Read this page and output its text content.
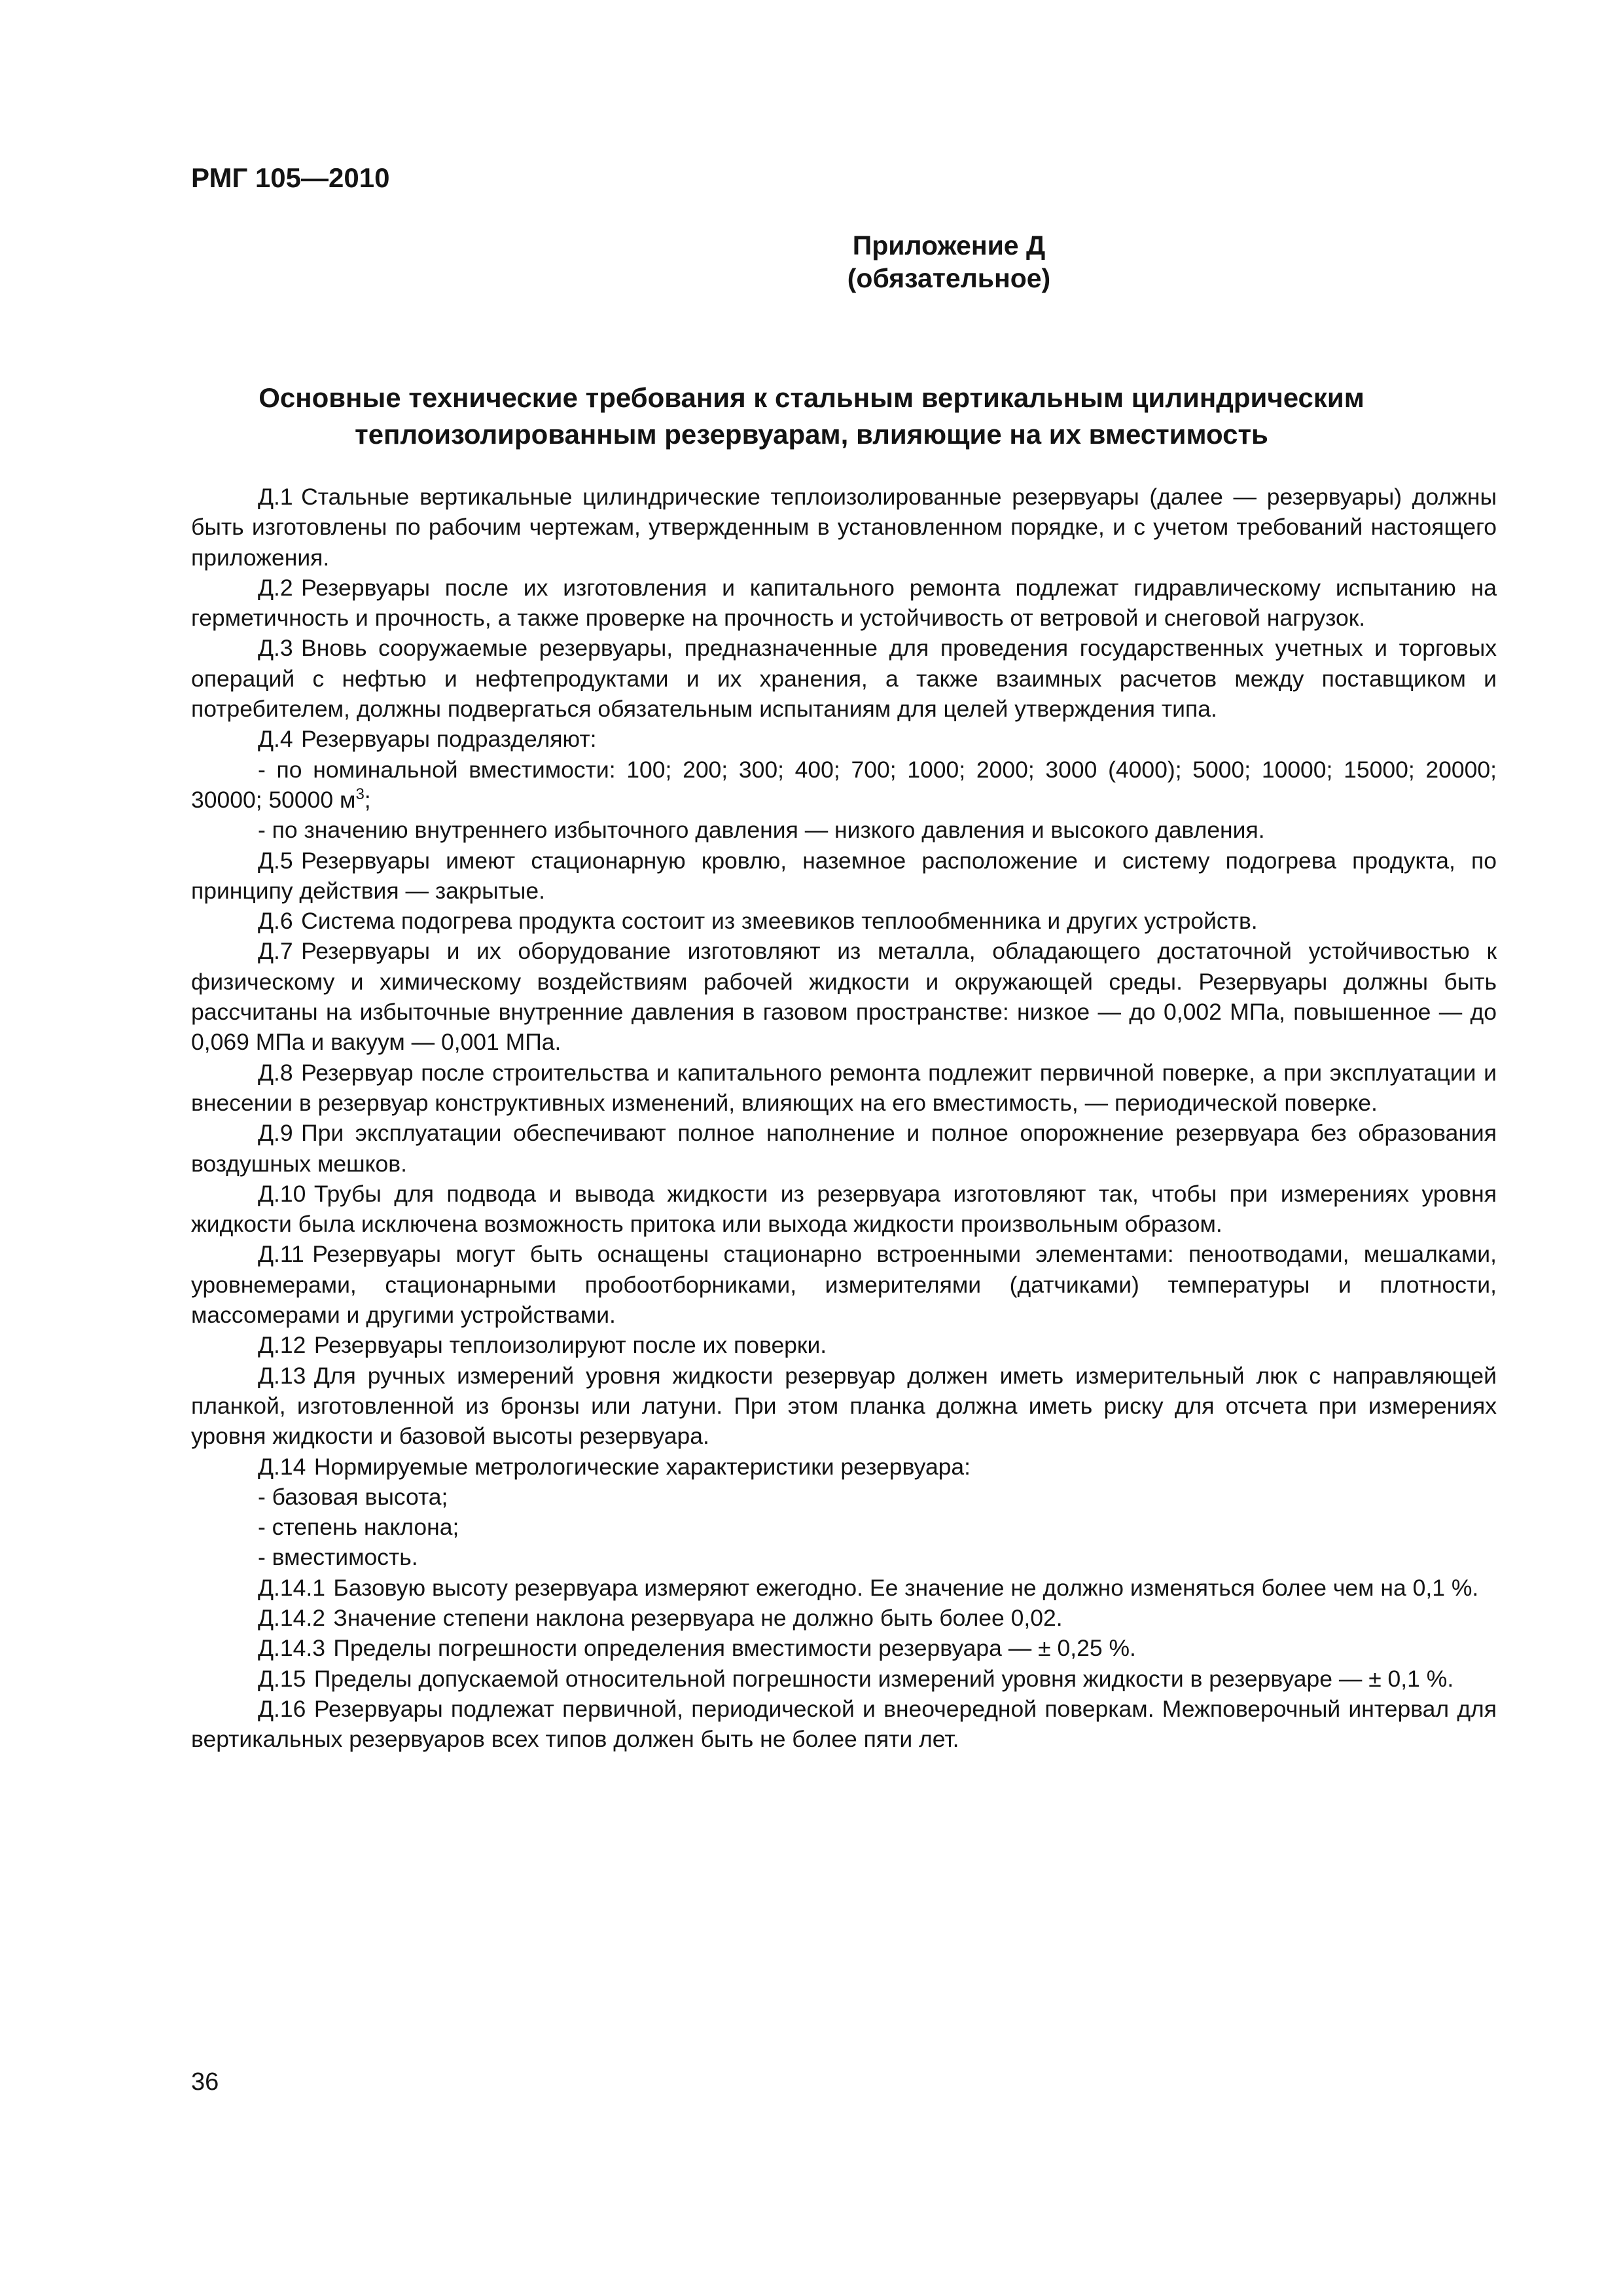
РМГ 105—2010
Приложение Д
(обязательное)
Основные технические требования к стальным вертикальным цилиндрическим
теплоизолированным резервуарам, влияющие на их вместимость

Д.1 Стальные вертикальные цилиндрические теплоизолированные резервуары (далее — резервуары) должны быть изготовлены по рабочим чертежам, утвержденным в установленном порядке, и с учетом требований настоящего приложения.

Д.2 Резервуары после их изготовления и капитального ремонта подлежат гидравлическому испытанию на герметичность и прочность, а также проверке на прочность и устойчивость от ветровой и снеговой нагрузок.

Д.3 Вновь сооружаемые резервуары, предназначенные для проведения государственных учетных и торговых операций с нефтью и нефтепродуктами и их хранения, а также взаимных расчетов между поставщиком и потребителем, должны подвергаться обязательным испытаниям для целей утверждения типа.

Д.4 Резервуары подразделяют:

- по номинальной вместимости: 100; 200; 300; 400; 700; 1000; 2000; 3000 (4000); 5000; 10000; 15000; 20000; 30000; 50000 $м^3$;

- по значению внутреннего избыточного давления — низкого давления и высокого давления.

Д.5 Резервуары имеют стационарную кровлю, наземное расположение и систему подогрева продукта, по принципу действия — закрытые.

Д.6 Система подогрева продукта состоит из змеевиков теплообменника и других устройств.

Д.7 Резервуары и их оборудование изготовляют из металла, обладающего достаточной устойчивостью к физическому и химическому воздействиям рабочей жидкости и окружающей среды. Резервуары должны быть рассчитаны на избыточные внутренние давления в газовом пространстве: низкое — до 0,002 МПа, повышенное — до 0,069 МПа и вакуум — 0,001 МПа.

Д.8 Резервуар после строительства и капитального ремонта подлежит первичной поверке, а при эксплуатации и внесении в резервуар конструктивных изменений, влияющих на его вместимость, — периодической поверке.

Д.9 При эксплуатации обеспечивают полное наполнение и полное опорожнение резервуара без образования воздушных мешков.

Д.10 Трубы для подвода и вывода жидкости из резервуара изготовляют так, чтобы при измерениях уровня жидкости была исключена возможность притока или выхода жидкости произвольным образом.

Д.11 Резервуары могут быть оснащены стационарно встроенными элементами: пеноотводами, мешалками, уровнемерами, стационарными пробоотборниками, измерителями (датчиками) температуры и плотности, массомерами и другими устройствами.

Д.12 Резервуары теплоизолируют после их поверки.

Д.13 Для ручных измерений уровня жидкости резервуар должен иметь измерительный люк с направляющей планкой, изготовленной из бронзы или латуни. При этом планка должна иметь риску для отсчета при измерениях уровня жидкости и базовой высоты резервуара.

Д.14 Нормируемые метрологические характеристики резервуара:

- базовая высота;

- степень наклона;

- вместимость.

Д.14.1 Базовую высоту резервуара измеряют ежегодно. Ее значение не должно изменяться более чем на 0,1 %.

Д.14.2 Значение степени наклона резервуара не должно быть более 0,02.

Д.14.3 Пределы погрешности определения вместимости резервуара — ± 0,25 %.

Д.15 Пределы допускаемой относительной погрешности измерений уровня жидкости в резервуаре — ± 0,1 %.

Д.16 Резервуары подлежат первичной, периодической и внеочередной поверкам. Межповерочный интервал для вертикальных резервуаров всех типов должен быть не более пяти лет.

36
